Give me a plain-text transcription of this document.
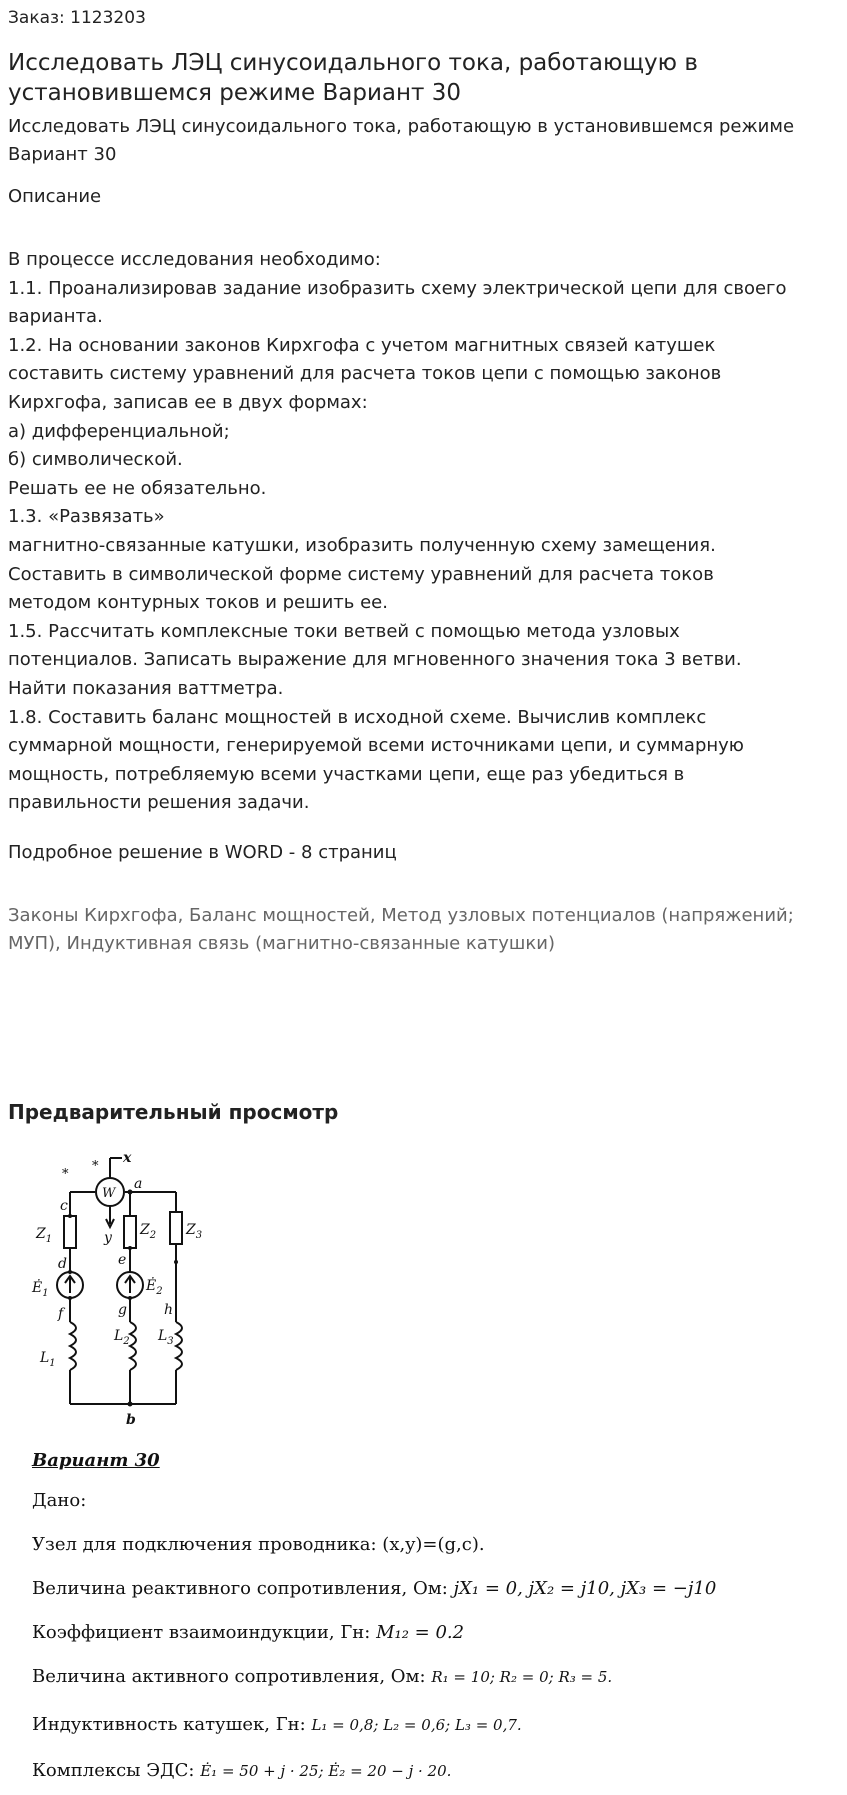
Заказ: 1123203
Исследовать ЛЭЦ синусоидального тока, работающую в установившемся режиме Вариант 30
Исследовать ЛЭЦ синусоидального тока, работающую в установившемся режиме Вариант 30
Описание
В процессе исследования необходимо:
1.1. Проанализировав задание изобразить схему электрической цепи для своего
варианта.
1.2. На основании законов Кирхгофа с учетом магнитных связей катушек
составить систему уравнений для расчета токов цепи с помощью законов
Кирхгофа, записав ее в двух формах:
а) дифференциальной;
б) символической.
Решать ее не обязательно.
1.3. «Развязать»
магнитно-связанные катушки, изобразить полученную схему замещения.
Составить в символической форме систему уравнений для расчета токов
методом контурных токов и решить ее.
1.5. Рассчитать комплексные токи ветвей с помощью метода узловых
потенциалов. Записать выражение для мгновенного значения тока 3 ветви.
Найти показания ваттметра.
1.8. Составить баланс мощностей в исходной схеме. Вычислив комплекс
суммарной мощности, генерируемой всеми источниками цепи, и суммарную
мощность, потребляемую всеми участками цепи, еще раз убедиться в
правильности решения задачи.
Подробное решение в WORD - 8 страниц
Законы Кирхгофа, Баланс мощностей, Метод узловых потенциалов (напряжений; МУП), Индуктивная связь (магнитно-связанные катушки)
Предварительный просмотр
x
W
*
*
a
c
y
$Z_1$
$Z_2$ $Z_3$
d	e
$Ė_1$	$Ė_2$
f	g	h
$L_2$ $L_3$
$L_1$
b
Вариант 30
Дано:
Узел для подключения проводника: (x,y)=(g,c).
Величина реактивного сопротивления, Ом: jX₁ = 0, jX₂ = j10, jX₃ = −j10
Коэффициент взаимоиндукции, Гн: M₁₂ = 0.2
Величина активного сопротивления, Ом: R₁ = 10; R₂ = 0; R₃ = 5.
Индуктивность катушек, Гн: L₁ = 0,8; L₂ = 0,6; L₃ = 0,7.
Комплексы ЭДС: Ė₁ = 50 + j · 25; Ė₂ = 20 − j · 20.
